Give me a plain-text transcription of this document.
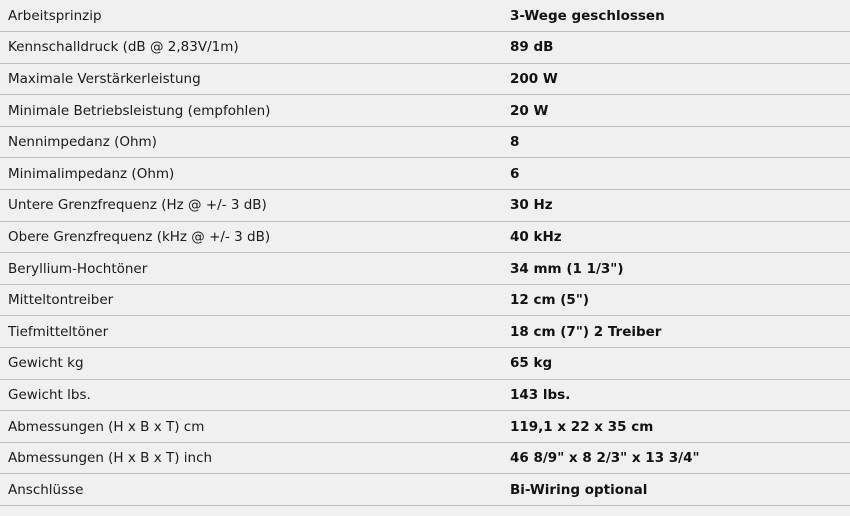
Arbeitsprinzip	3-Wege geschlossen
Kennschalldruck (dB @ 2,83V/1m)	89 dB
Maximale Verstärkerleistung	200 W
Minimale Betriebsleistung (empfohlen)	20 W
Nennimpedanz (Ohm)	8
Minimalimpedanz (Ohm)	6
Untere Grenzfrequenz (Hz @ +/- 3 dB)	30 Hz
Obere Grenzfrequenz (kHz @ +/- 3 dB)	40 kHz
Beryllium-Hochtöner	34 mm (1 1/3")
Mitteltontreiber	12 cm (5")
Tiefmitteltöner	18 cm (7") 2 Treiber
Gewicht kg	65 kg
Gewicht lbs.	143 lbs.
Abmessungen (H x B x T) cm	119,1 x 22 x 35 cm
Abmessungen (H x B x T) inch	46 8/9" x 8 2/3" x 13 3/4"
Anschlüsse	Bi-Wiring optional
